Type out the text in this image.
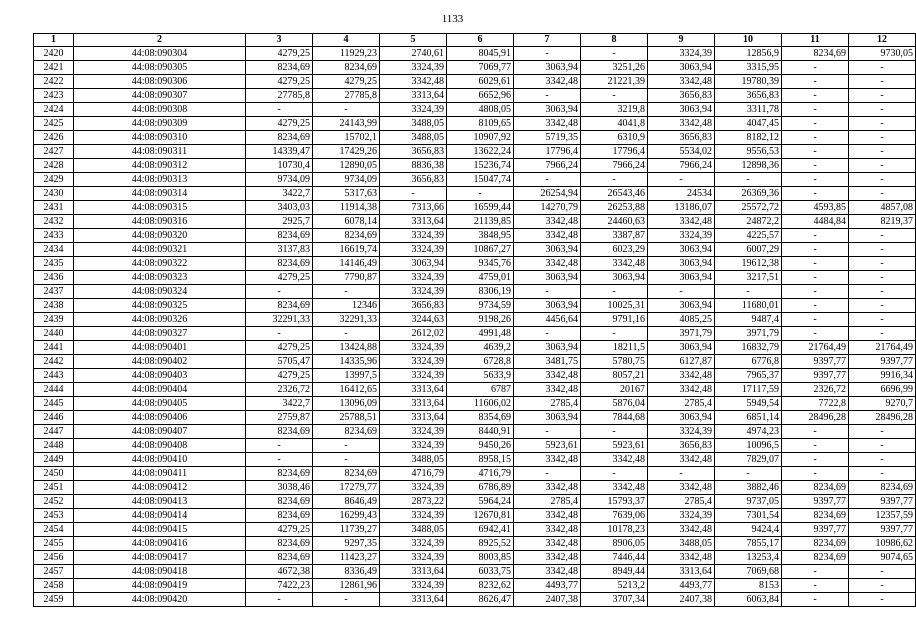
1133
1	2	3	4	5	6	7	8	9	10	11	12
2420	44:08:090304	4279,25	11929,23	2740,61	8045,91	-	-	3324,39	12856,9	8234,69	9730,05
2421	44:08:090305	8234,69	8234,69	3324,39	7069,77	3063,94	3251,26	3063,94	3315,95	-	-
2422	44:08:090306	4279,25	4279,25	3342,48	6029,61	3342,48	21221,39	3342,48	19780,39	-	-
2423	44:08:090307	27785,8	27785,8	3313,64	6652,96	-	-	3656,83	3656,83	-	-
2424	44:08:090308	-	-	3324,39	4808,05	3063,94	3219,8	3063,94	3311,78	-	-
2425	44:08:090309	4279,25	24143,99	3488,05	8109,65	3342,48	4041,8	3342,48	4047,45	-	-
2426	44:08:090310	8234,69	15702,1	3488,05	10907,92	5719,35	6310,9	3656,83	8182,12	-	-
2427	44:08:090311	14339,47	17429,26	3656,83	13622,24	17796,4	17796,4	5534,02	9556,53	-	-
2428	44:08:090312	10730,4	12890,05	8836,38	15236,74	7966,24	7966,24	7966,24	12898,36	-	-
2429	44:08:090313	9734,09	9734,09	3656,83	15047,74	-	-	-	-	-	-
2430	44:08:090314	3422,7	5317,63	-	-	26254,94	26543,46	24534	26369,36	-	-
2431	44:08:090315	3403,03	11914,38	7313,66	16599,44	14270,79	26253,88	13186,07	25572,72	4593,85	4857,08
2432	44:08:090316	2925,7	6078,14	3313,64	21139,85	3342,48	24460,63	3342,48	24872,2	4484,84	8219,37
2433	44:08:090320	8234,69	8234,69	3324,39	3848,95	3342,48	3387,87	3324,39	4225,57	-	-
2434	44:08:090321	3137,83	16619,74	3324,39	10867,27	3063,94	6023,29	3063,94	6007,29	-	-
2435	44:08:090322	8234,69	14146,49	3063,94	9345,76	3342,48	3342,48	3063,94	19612,38	-	-
2436	44:08:090323	4279,25	7790,87	3324,39	4759,01	3063,94	3063,94	3063,94	3217,51	-	-
2437	44:08:090324	-	-	3324,39	8306,19	-	-	-	-	-	-
2438	44:08:090325	8234,69	12346	3656,83	9734,59	3063,94	10025,31	3063,94	11680,01	-	-
2439	44:08:090326	32291,33	32291,33	3244,63	9198,26	4456,64	9791,16	4085,25	9487,4	-	-
2440	44:08:090327	-	-	2612,02	4991,48	-	-	3971,79	3971,79	-	-
2441	44:08:090401	4279,25	13424,88	3324,39	4639,2	3063,94	18211,5	3063,94	16832,79	21764,49	21764,49
2442	44:08:090402	5705,47	14335,96	3324,39	6728,8	3481,75	5780,75	6127,87	6776,8	9397,77	9397,77
2443	44:08:090403	4279,25	13997,5	3324,39	5633,9	3342,48	8057,21	3342,48	7965,37	9397,77	9916,34
2444	44:08:090404	2326,72	16412,65	3313,64	6787	3342,48	20167	3342,48	17117,59	2326,72	6696,99
2445	44:08:090405	3422,7	13096,09	3313,64	11606,02	2785,4	5876,04	2785,4	5949,54	7722,8	9270,7
2446	44:08:090406	2759,87	25788,51	3313,64	8354,69	3063,94	7844,68	3063,94	6851,14	28496,28	28496,28
2447	44:08:090407	8234,69	8234,69	3324,39	8440,91	-	-	3324,39	4974,23	-	-
2448	44:08:090408	-	-	3324,39	9450,26	5923,61	5923,61	3656,83	10096,5	-	-
2449	44:08:090410	-	-	3488,05	8958,15	3342,48	3342,48	3342,48	7829,07	-	-
2450	44:08:090411	8234,69	8234,69	4716,79	4716,79	-	-	-	-	-	-
2451	44:08:090412	3038,46	17279,77	3324,39	6786,89	3342,48	3342,48	3342,48	3882,46	8234,69	8234,69
2452	44:08:090413	8234,69	8646,49	2873,22	5964,24	2785,4	15793,37	2785,4	9737,05	9397,77	9397,77
2453	44:08:090414	8234,69	16299,43	3324,39	12670,81	3342,48	7639,06	3324,39	7301,54	8234,69	12357,59
2454	44:08:090415	4279,25	11739,27	3488,05	6942,41	3342,48	10178,23	3342,48	9424,4	9397,77	9397,77
2455	44:08:090416	8234,69	9297,35	3324,39	8925,52	3342,48	8906,05	3488,05	7855,17	8234,69	10986,62
2456	44:08:090417	8234,69	11423,27	3324,39	8003,85	3342,48	7446,44	3342,48	13253,4	8234,69	9074,65
2457	44:08:090418	4672,38	8336,49	3313,64	6033,75	3342,48	8949,44	3313,64	7069,68	-	-
2458	44:08:090419	7422,23	12861,96	3324,39	8232,62	4493,77	5213,2	4493,77	8153	-	-
2459	44:08:090420	-	-	3313,64	8626,47	2407,38	3707,34	2407,38	6063,84	-	-
